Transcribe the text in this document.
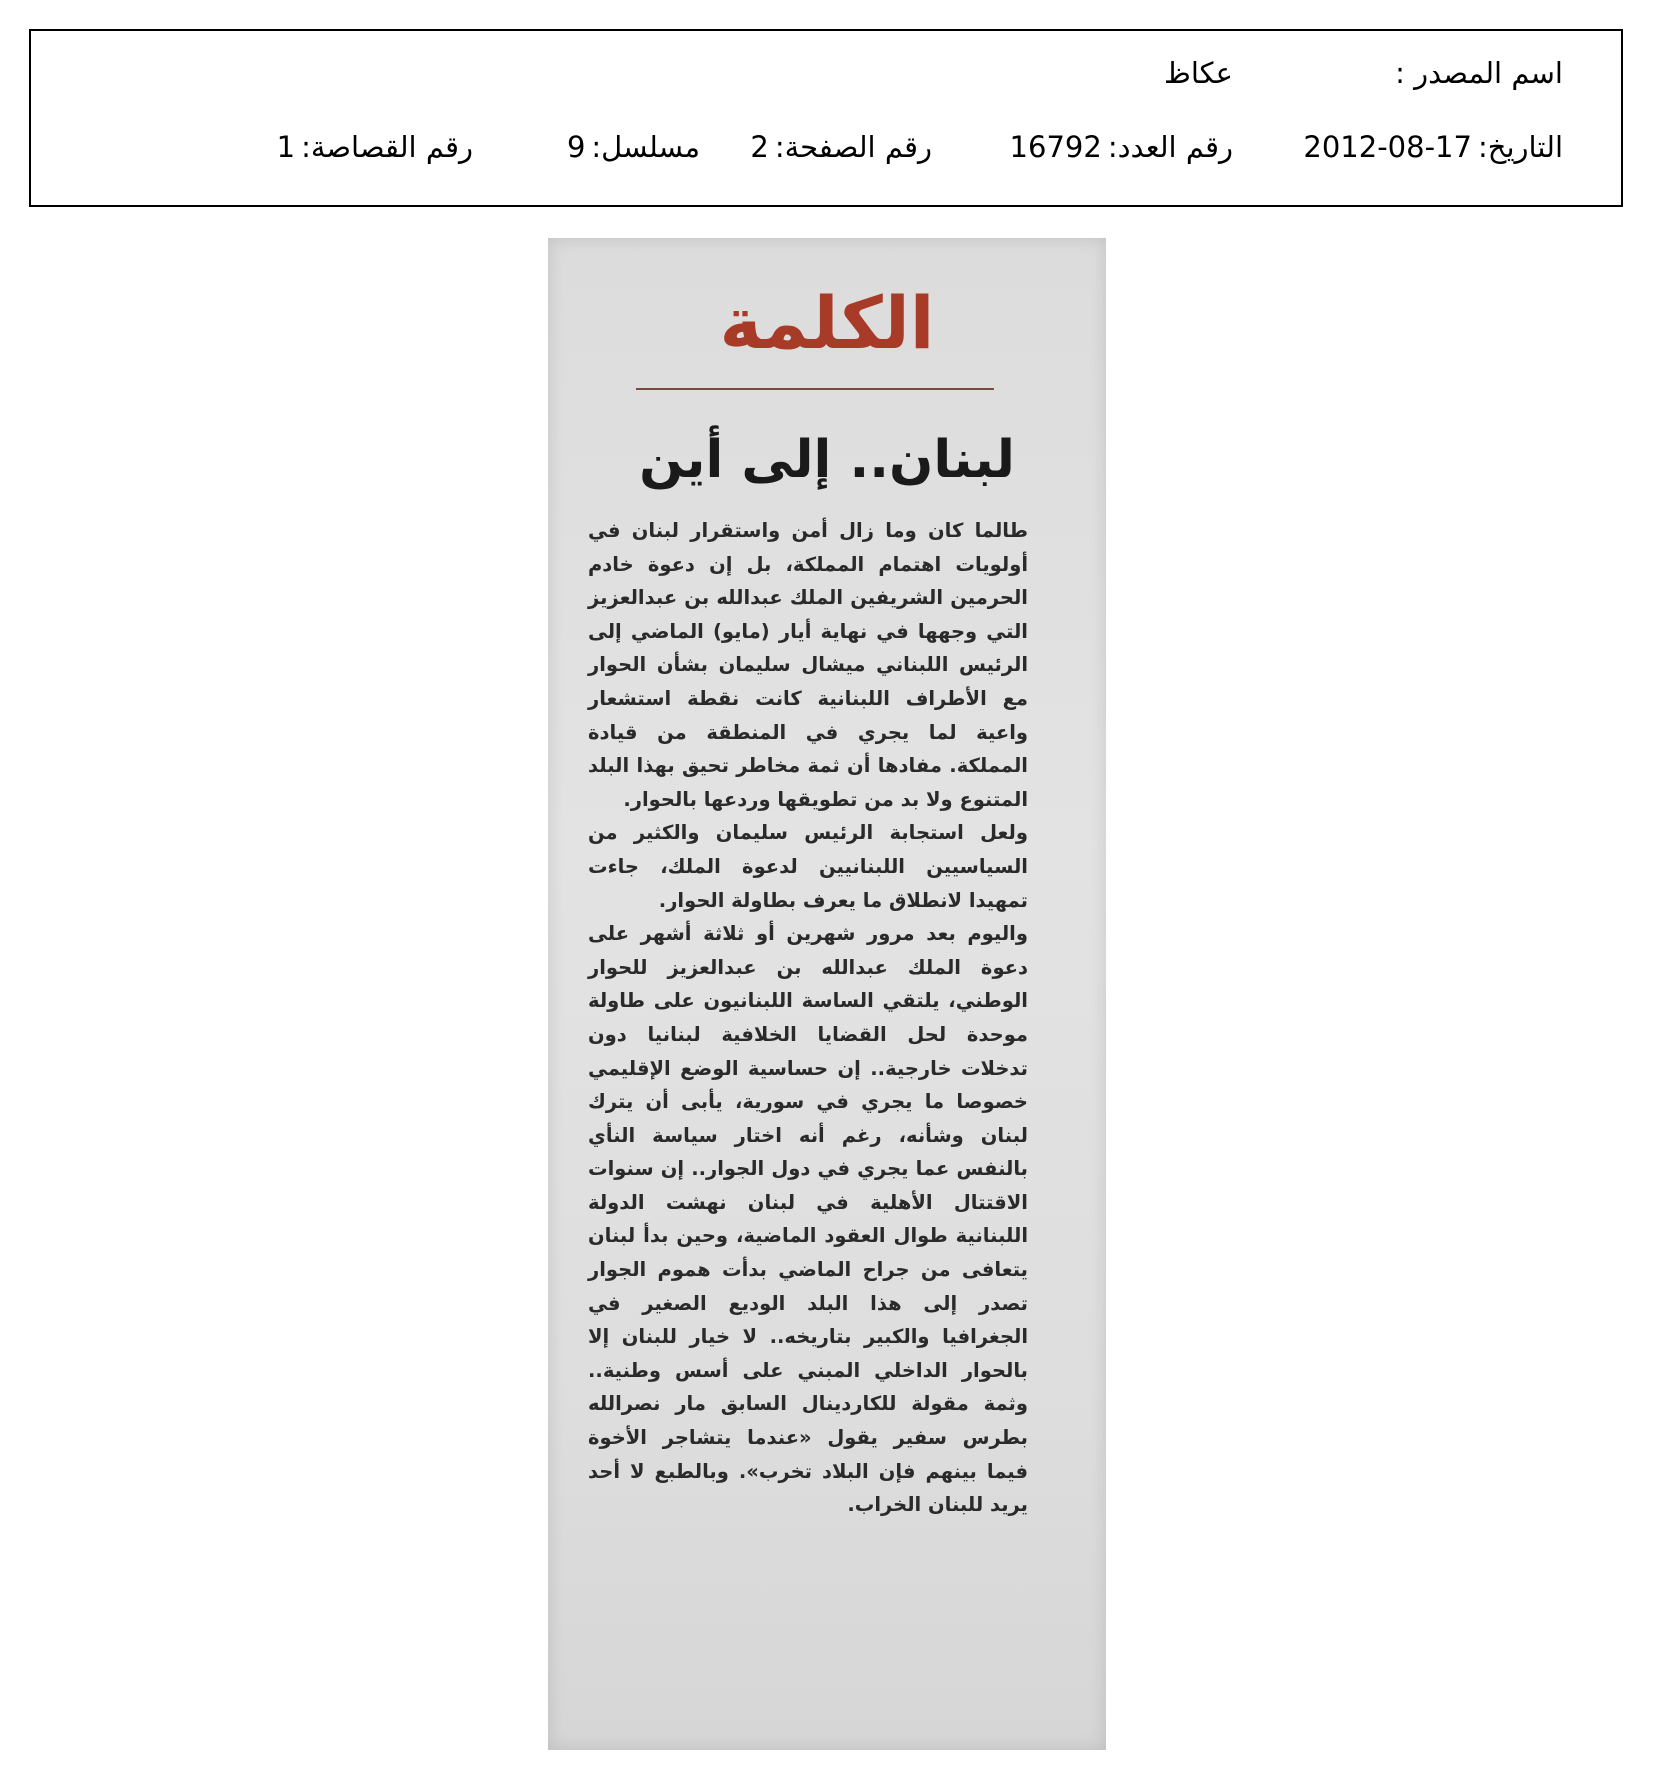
اسم المصدر :
عكاظ
التاريخ:2012-08-17
رقم العدد:16792
رقم الصفحة:2
مسلسل:9
رقم القصاصة:1
الكلمة
لبنان.. إلى أين

طالما كان وما زال أمن واستقرار لبنان في أولويات اهتمام المملكة، بل إن دعوة خادم الحرمين الشريفين الملك عبدالله بن عبدالعزيز التي وجهها في نهاية أيار (مايو) الماضي إلى الرئيس اللبناني ميشال سليمان بشأن الحوار مع الأطراف اللبنانية كانت نقطة استشعار واعية لما يجري في المنطقة من قيادة المملكة. مفادها أن ثمة مخاطر تحيق بهذا البلد المتنوع ولا بد من تطويقها وردعها بالحوار.

ولعل استجابة الرئيس سليمان والكثير من السياسيين اللبنانيين لدعوة الملك، جاءت تمهيدا لانطلاق ما يعرف بطاولة الحوار.

واليوم بعد مرور شهرين أو ثلاثة أشهر على دعوة الملك عبدالله بن عبدالعزيز للحوار الوطني، يلتقي الساسة اللبنانيون على طاولة موحدة لحل القضايا الخلافية لبنانيا دون تدخلات خارجية.. إن حساسية الوضع الإقليمي خصوصا ما يجري في سورية، يأبى أن يترك لبنان وشأنه، رغم أنه اختار سياسة النأي بالنفس عما يجري في دول الجوار.. إن سنوات الاقتتال الأهلية في لبنان نهشت الدولة اللبنانية طوال العقود الماضية، وحين بدأ لبنان يتعافى من جراح الماضي بدأت هموم الجوار تصدر إلى هذا البلد الوديع الصغير في الجغرافيا والكبير بتاريخه.. لا خيار للبنان إلا بالحوار الداخلي المبني على أسس وطنية.. وثمة مقولة للكاردينال السابق مار نصرالله بطرس سفير يقول «عندما يتشاجر الأخوة فيما بينهم فإن البلاد تخرب». وبالطبع لا أحد يريد للبنان الخراب.
